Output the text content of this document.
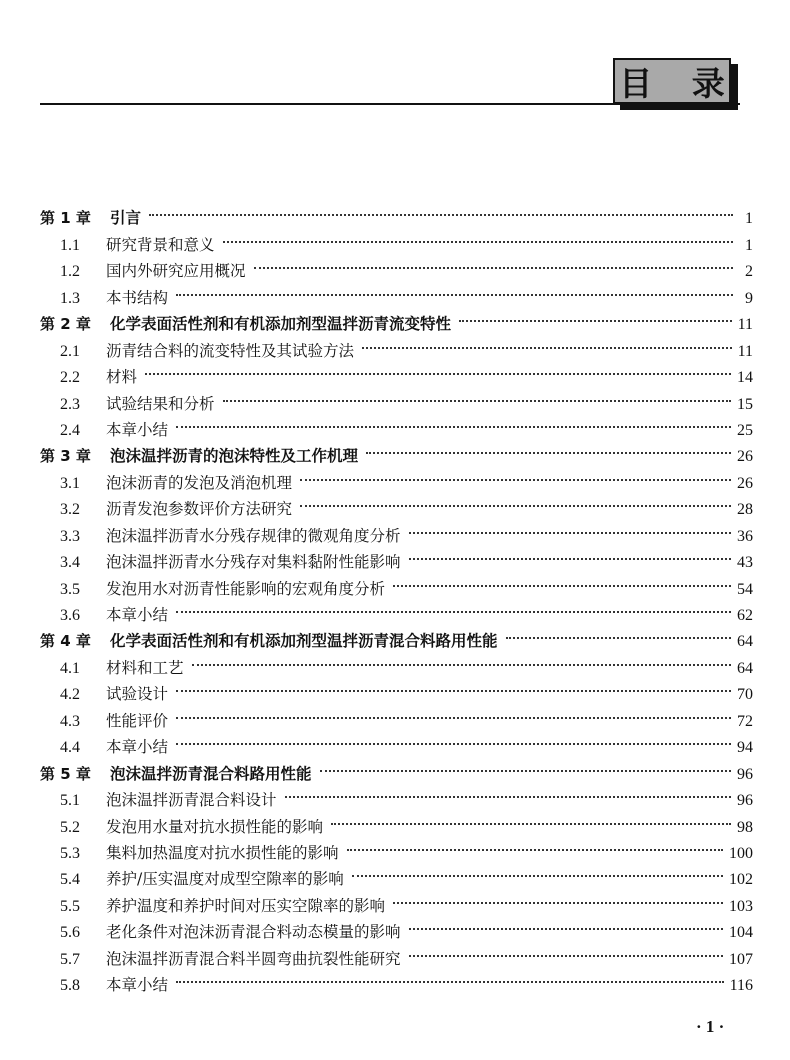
目 录
第 1 章	引言	1
1.1	研究背景和意义	1
1.2	国内外研究应用概况	2
1.3	本书结构	9
第 2 章	化学表面活性剂和有机添加剂型温拌沥青流变特性	11
2.1	沥青结合料的流变特性及其试验方法	11
2.2	材料	14
2.3	试验结果和分析	15
2.4	本章小结	25
第 3 章	泡沫温拌沥青的泡沫特性及工作机理	26
3.1	泡沫沥青的发泡及消泡机理	26
3.2	沥青发泡参数评价方法研究	28
3.3	泡沫温拌沥青水分残存规律的微观角度分析	36
3.4	泡沫温拌沥青水分残存对集料黏附性能影响	43
3.5	发泡用水对沥青性能影响的宏观角度分析	54
3.6	本章小结	62
第 4 章	化学表面活性剂和有机添加剂型温拌沥青混合料路用性能	64
4.1	材料和工艺	64
4.2	试验设计	70
4.3	性能评价	72
4.4	本章小结	94
第 5 章	泡沫温拌沥青混合料路用性能	96
5.1	泡沫温拌沥青混合料设计	96
5.2	发泡用水量对抗水损性能的影响	98
5.3	集料加热温度对抗水损性能的影响	100
5.4	养护/压实温度对成型空隙率的影响	102
5.5	养护温度和养护时间对压实空隙率的影响	103
5.6	老化条件对泡沫沥青混合料动态模量的影响	104
5.7	泡沫温拌沥青混合料半圆弯曲抗裂性能研究	107
5.8	本章小结	116
· 1 ·
